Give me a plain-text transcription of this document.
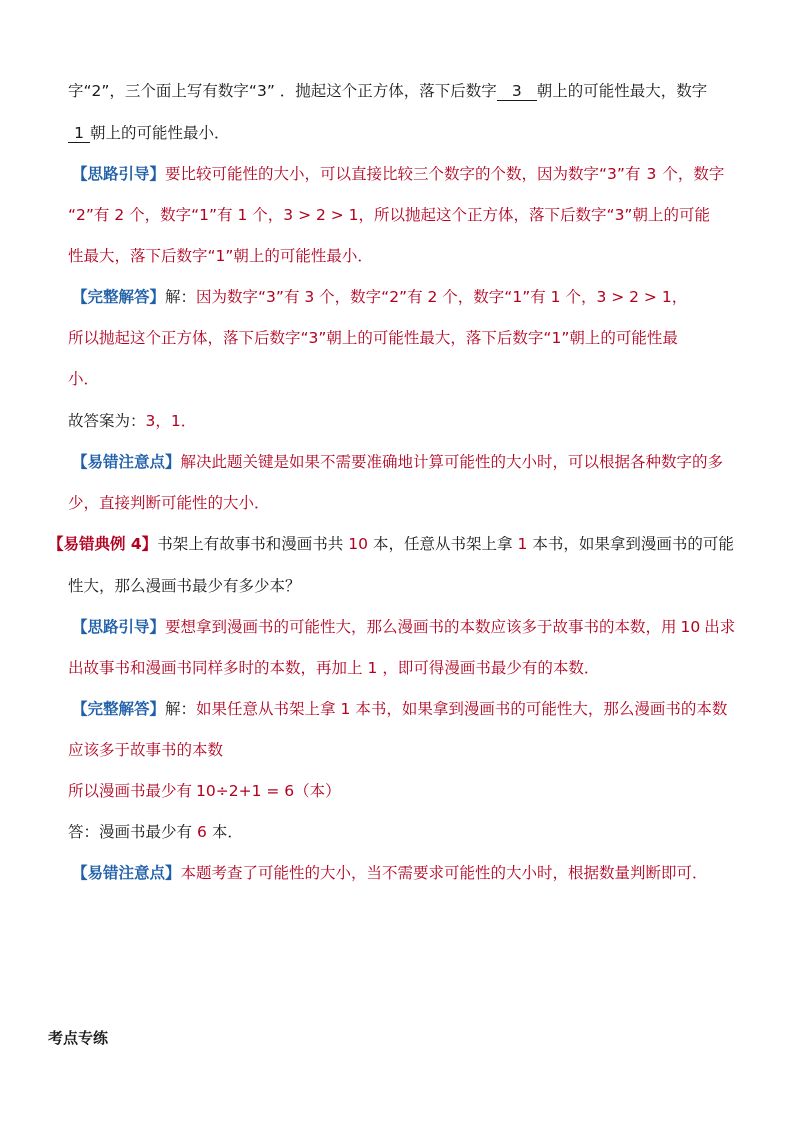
字“2”，三个面上写有数字“3” ．抛起这个正方体，落下后数字 3 朝上的可能性最大，数字
1 朝上的可能性最小．
【思路引导】要比较可能性的大小，可以直接比较三个数字的个数，因为数字“3”有 3 个，数字
“2”有 2 个，数字“1”有 1 个，3 > 2 > 1，所以抛起这个正方体，落下后数字“3”朝上的可能
性最大，落下后数字“1”朝上的可能性最小．
【完整解答】解：因为数字“3”有 3 个，数字“2”有 2 个，数字“1”有 1 个，3 > 2 > 1，
所以抛起这个正方体，落下后数字“3”朝上的可能性最大，落下后数字“1”朝上的可能性最
小．
故答案为：3，1．
【易错注意点】解决此题关键是如果不需要准确地计算可能性的大小时，可以根据各种数字的多
少，直接判断可能性的大小．
【易错典例 4】书架上有故事书和漫画书共 10 本，任意从书架上拿 1 本书，如果拿到漫画书的可能
性大，那么漫画书最少有多少本？
【思路引导】要想拿到漫画书的可能性大，那么漫画书的本数应该多于故事书的本数，用 10 出求
出故事书和漫画书同样多时的本数，再加上 1 ，即可得漫画书最少有的本数．
【完整解答】解：如果任意从书架上拿 1 本书，如果拿到漫画书的可能性大，那么漫画书的本数
应该多于故事书的本数
所以漫画书最少有 10÷2+1 = 6（本）
答：漫画书最少有 6 本．
【易错注意点】本题考查了可能性的大小，当不需要求可能性的大小时，根据数量判断即可．
考点专练
